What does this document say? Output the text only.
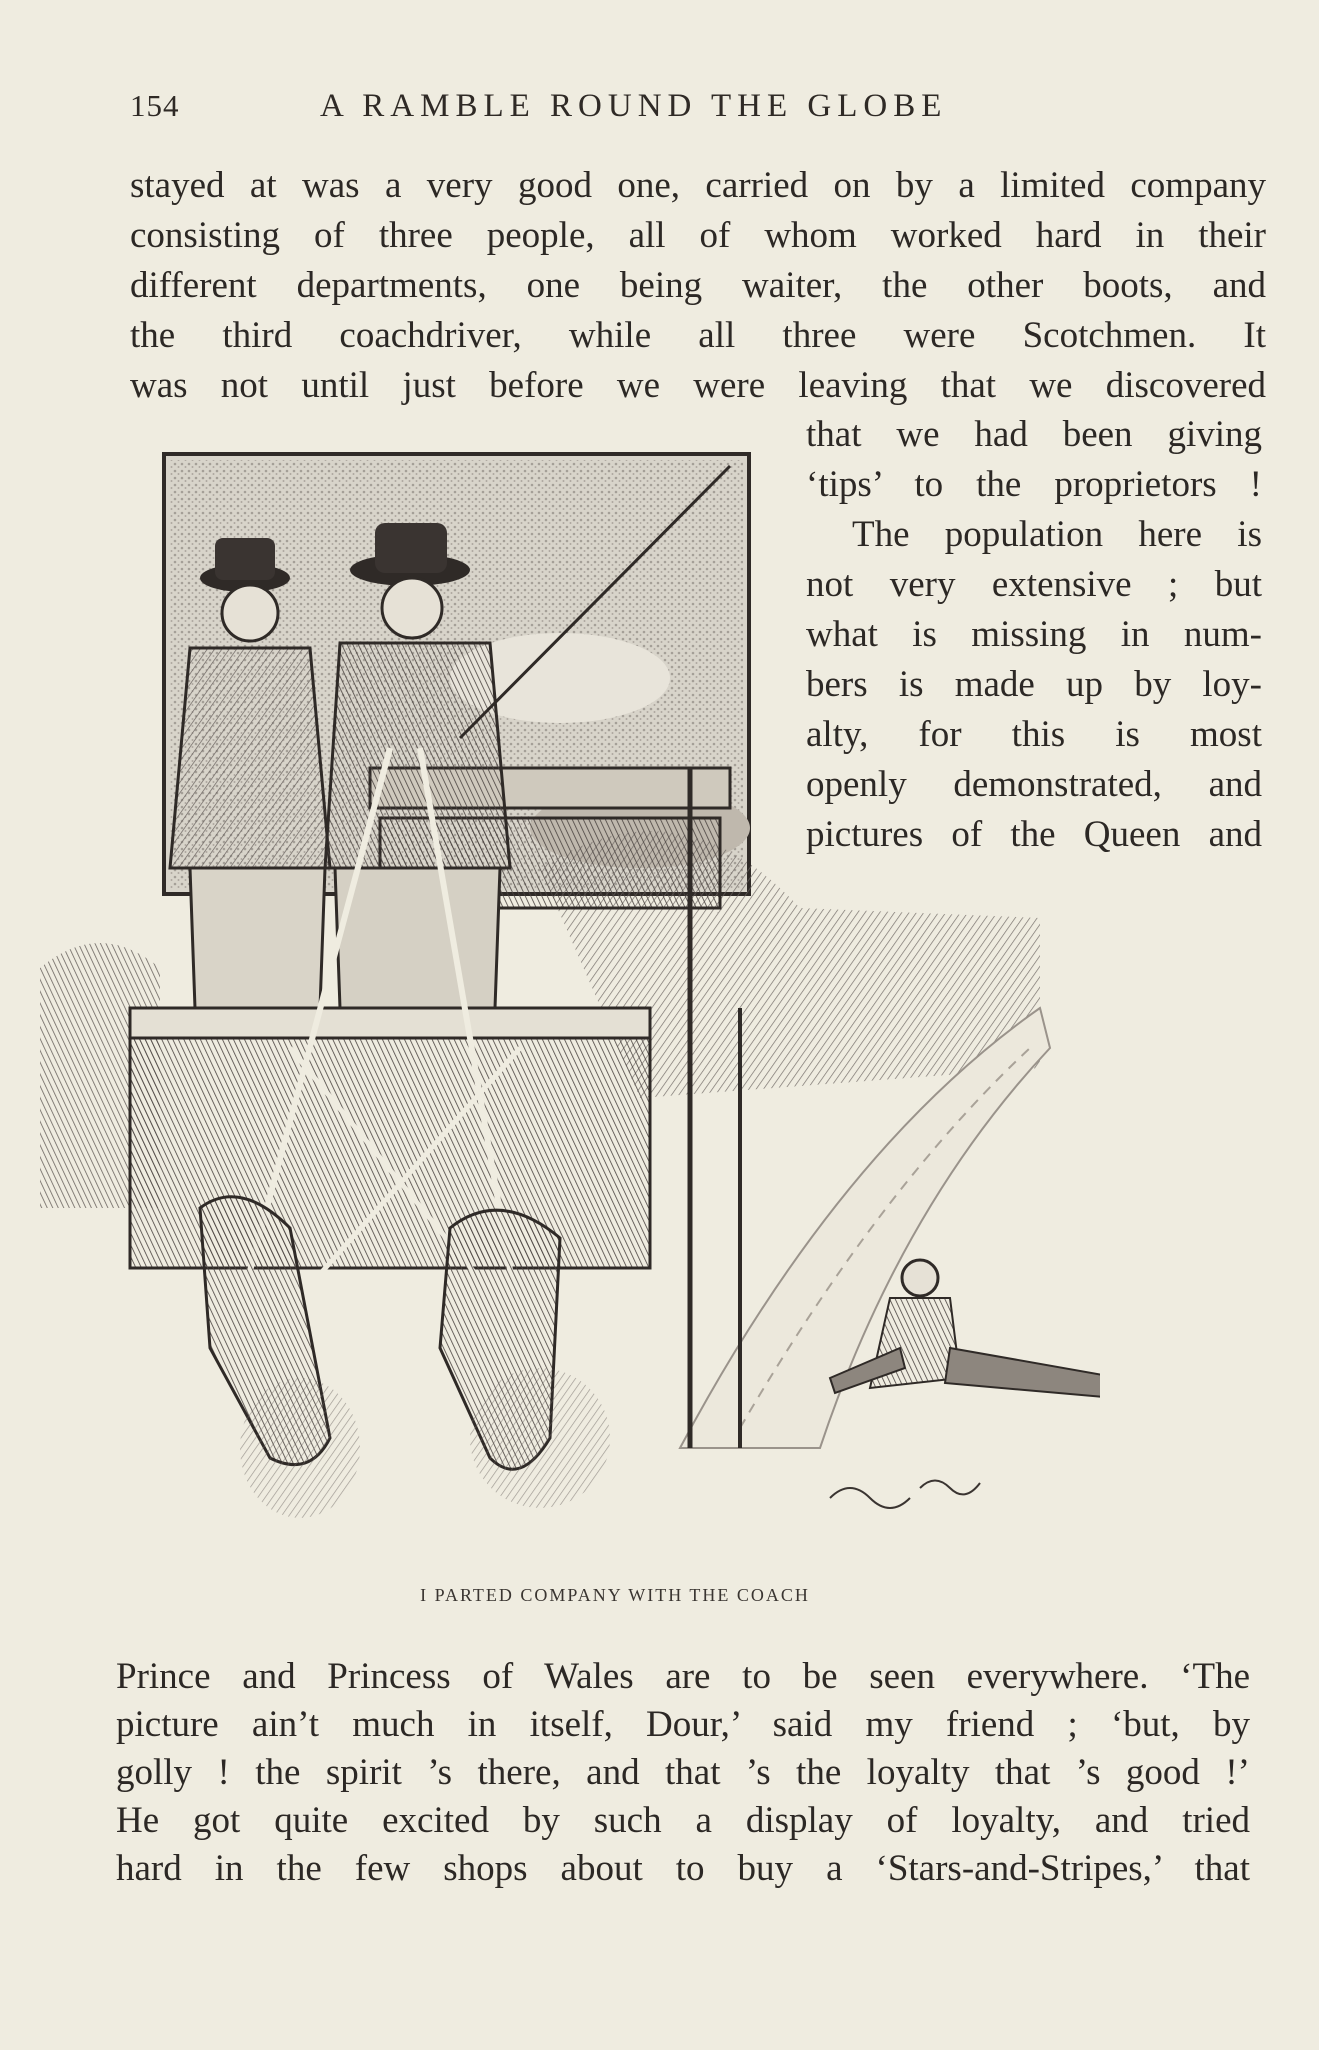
154	A RAMBLE ROUND THE GLOBE
stayed at was a very good one, carried on by a limited company
consisting of three people, all of whom worked hard in their
different departments, one being waiter, the other boots, and
the third coachdriver, while all three were Scotchmen. It
was not until just before we were leaving that we discovered
that we had been giving
‘tips’ to the proprietors !
The population here is
not very extensive ; but
what is missing in num-
bers is made up by loy-
alty, for this is most
openly demonstrated, and
pictures of the Queen and
I PARTED COMPANY WITH THE COACH
Prince and Princess of Wales are to be seen everywhere. ‘The
picture ain’t much in itself, Dour,’ said my friend ; ‘but, by
golly ! the spirit ’s there, and that ’s the loyalty that ’s good !’
He got quite excited by such a display of loyalty, and tried
hard in the few shops about to buy a ‘Stars-and-Stripes,’ that
